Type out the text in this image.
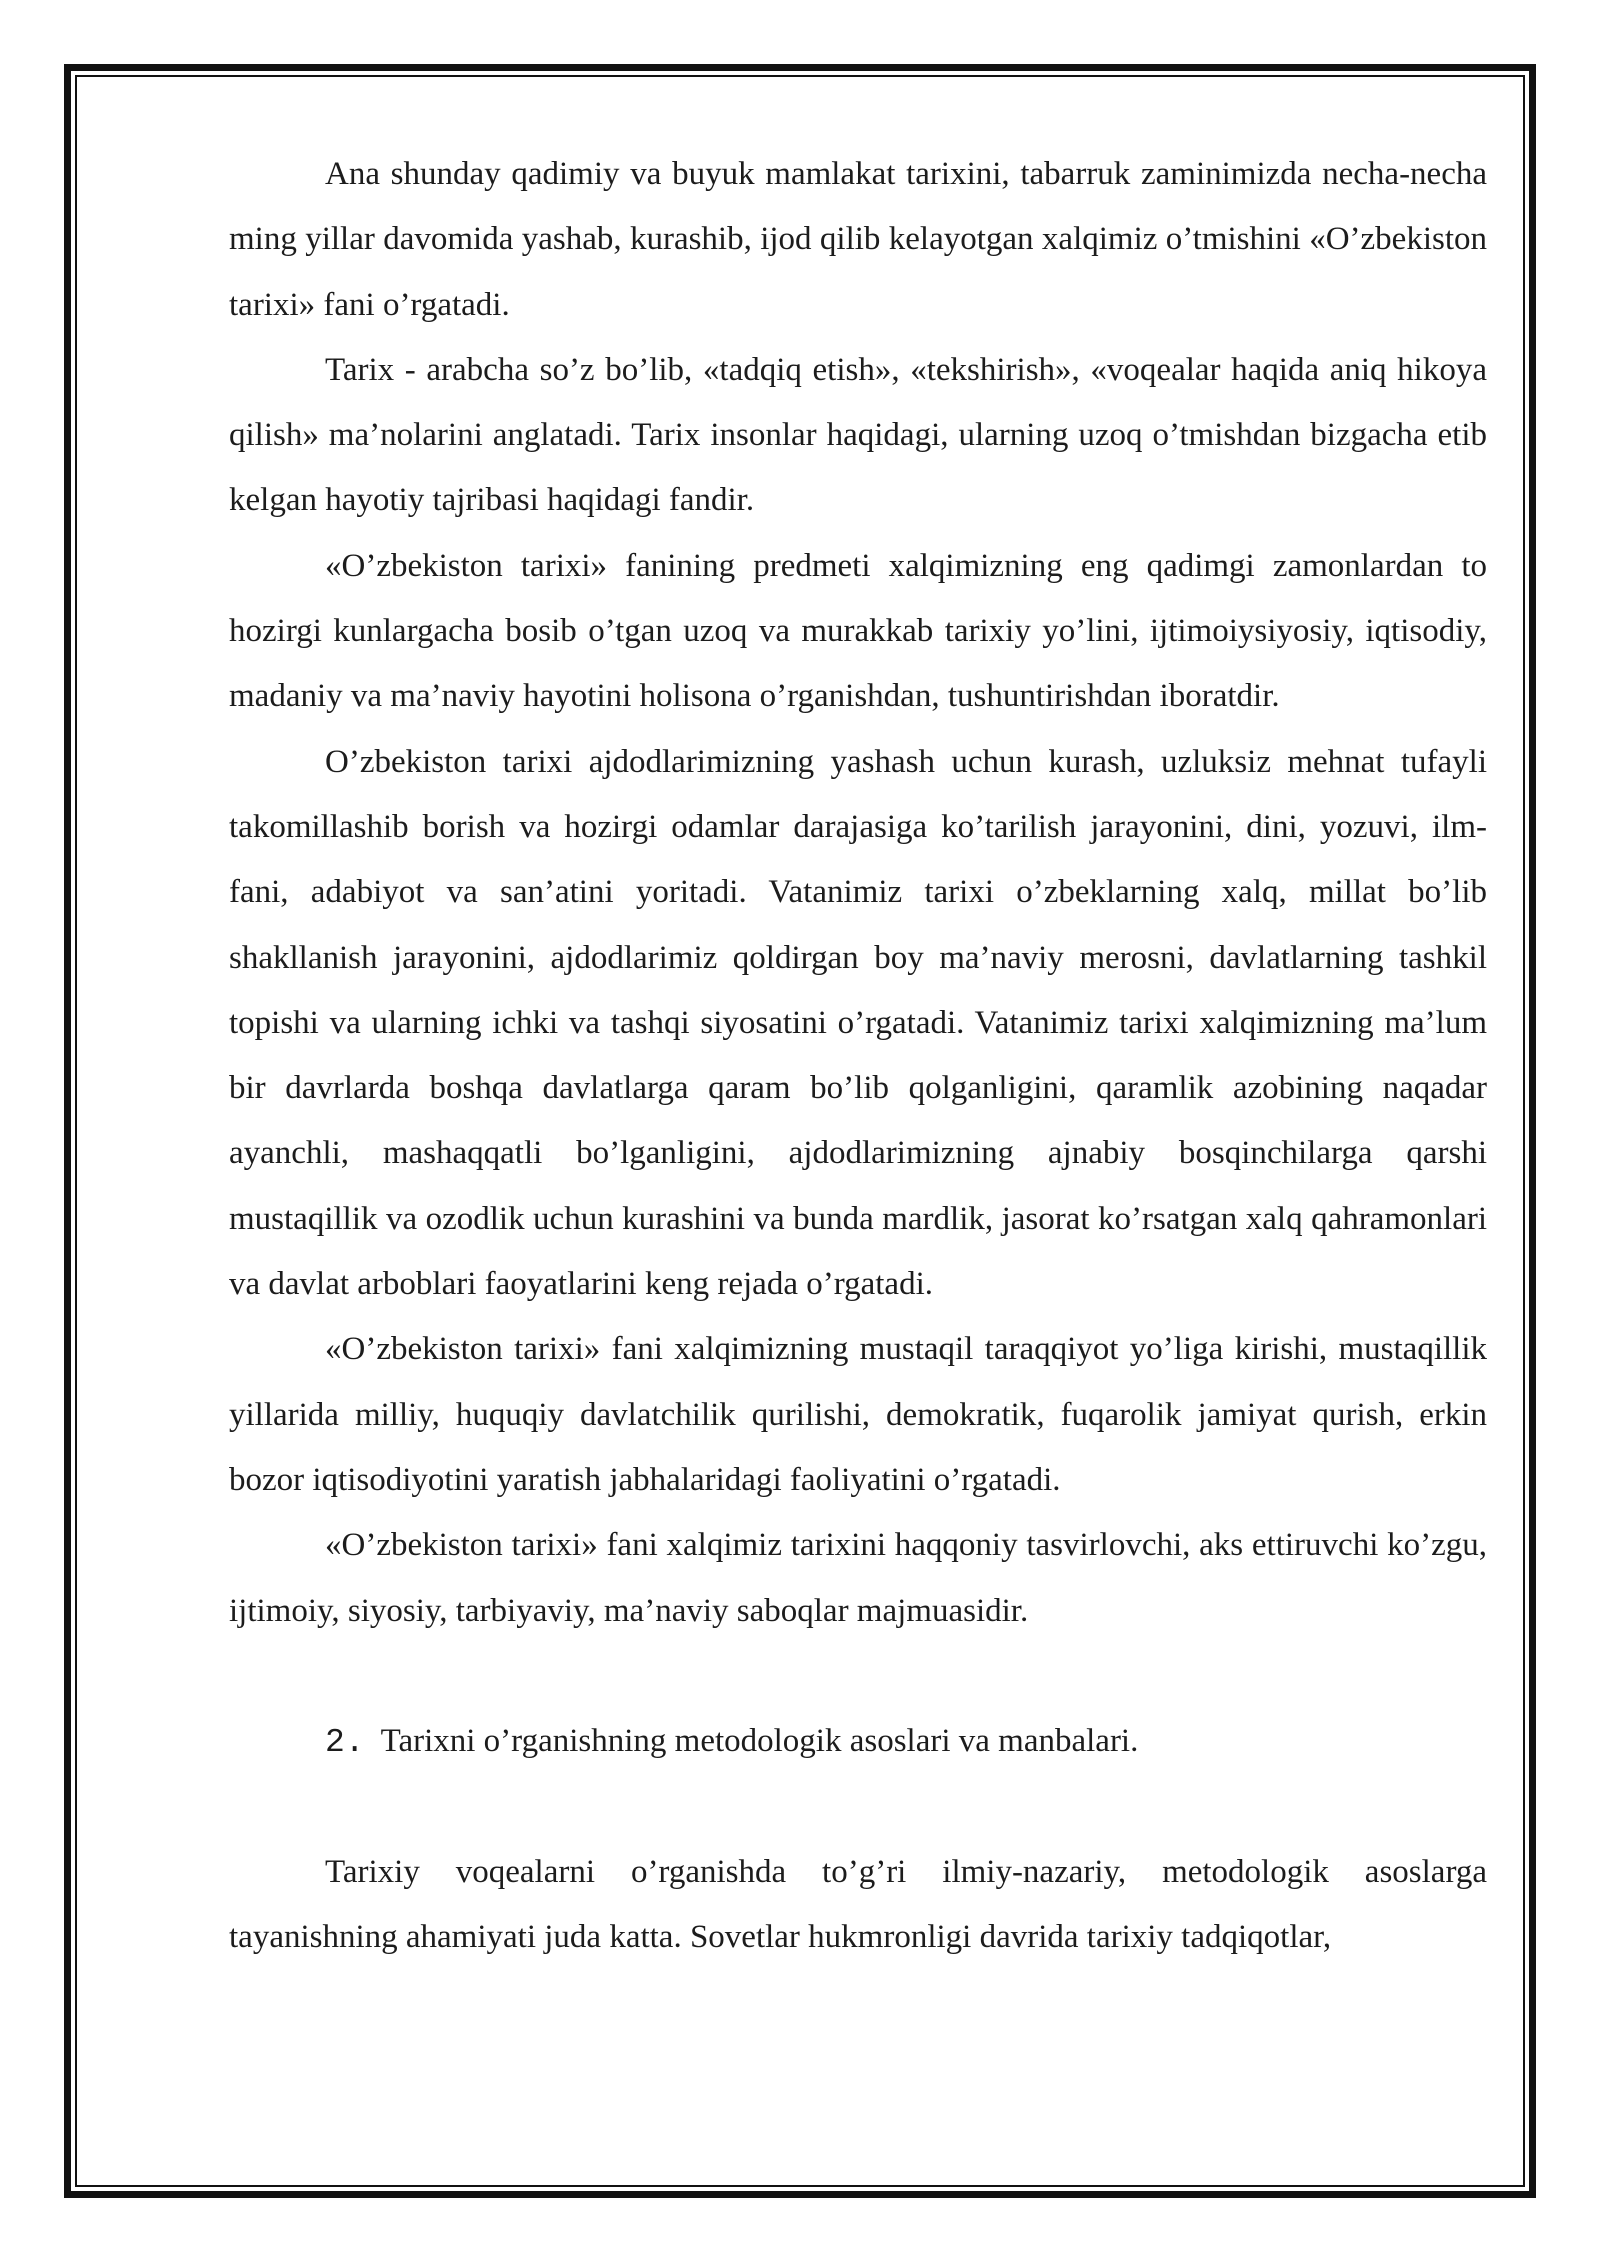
Ana shunday qadimiy va buyuk mamlakat tarixini, tabarruk zaminimizda necha-necha ming yillar davomida yashab, kurashib, ijod qilib kelayotgan xalqimiz o’tmishini «O’zbekiston tarixi» fani o’rgatadi.

Tarix - arabcha so’z bo’lib, «tadqiq etish», «tekshirish», «voqealar haqida aniq hikoya qilish» ma’nolarini anglatadi. Tarix insonlar haqidagi, ularning uzoq o’tmishdan bizgacha etib kelgan hayotiy tajribasi haqidagi fandir.

«O’zbekiston tarixi» fanining predmeti xalqimizning eng qadimgi zamonlardan to hozirgi kunlargacha bosib o’tgan uzoq va murakkab tarixiy yo’lini, ijtimoiysiyosiy, iqtisodiy, madaniy va ma’naviy hayotini holisona o’rganishdan, tushuntirishdan iboratdir.

O’zbekiston tarixi ajdodlarimizning yashash uchun kurash, uzluksiz mehnat tufayli takomillashib borish va hozirgi odamlar darajasiga ko’tarilish jarayonini, dini, yozuvi, ilm-fani, adabiyot va san’atini yoritadi. Vatanimiz tarixi o’zbeklarning xalq, millat bo’lib shakllanish jarayonini, ajdodlarimiz qoldirgan boy ma’naviy merosni, davlatlarning tashkil topishi va ularning ichki va tashqi siyosatini o’rgatadi. Vatanimiz tarixi xalqimizning ma’lum bir davrlarda boshqa davlatlarga qaram bo’lib qolganligini, qaramlik azobining naqadar ayanchli, mashaqqatli bo’lganligini, ajdodlarimizning ajnabiy bosqinchilarga qarshi mustaqillik va ozodlik uchun kurashini va bunda mardlik, jasorat ko’rsatgan xalq qahramonlari va davlat arboblari faoyatlarini keng rejada o’rgatadi.

«O’zbekiston tarixi» fani xalqimizning mustaqil taraqqiyot yo’liga kirishi, mustaqillik yillarida milliy, huquqiy davlatchilik qurilishi, demokratik, fuqarolik jamiyat qurish, erkin bozor iqtisodiyotini yaratish jabhalaridagi faoliyatini o’rgatadi.

«O’zbekiston tarixi» fani xalqimiz tarixini haqqoniy tasvirlovchi, aks ettiruvchi ko’zgu, ijtimoiy, siyosiy, tarbiyaviy, ma’naviy saboqlar majmuasidir.

2. Tarixni o’rganishning metodologik asoslari va manbalari.

Tarixiy voqealarni o’rganishda to’g’ri ilmiy-nazariy, metodologik asoslarga tayanishning ahamiyati juda katta. Sovetlar hukmronligi davrida tarixiy tadqiqotlar,
